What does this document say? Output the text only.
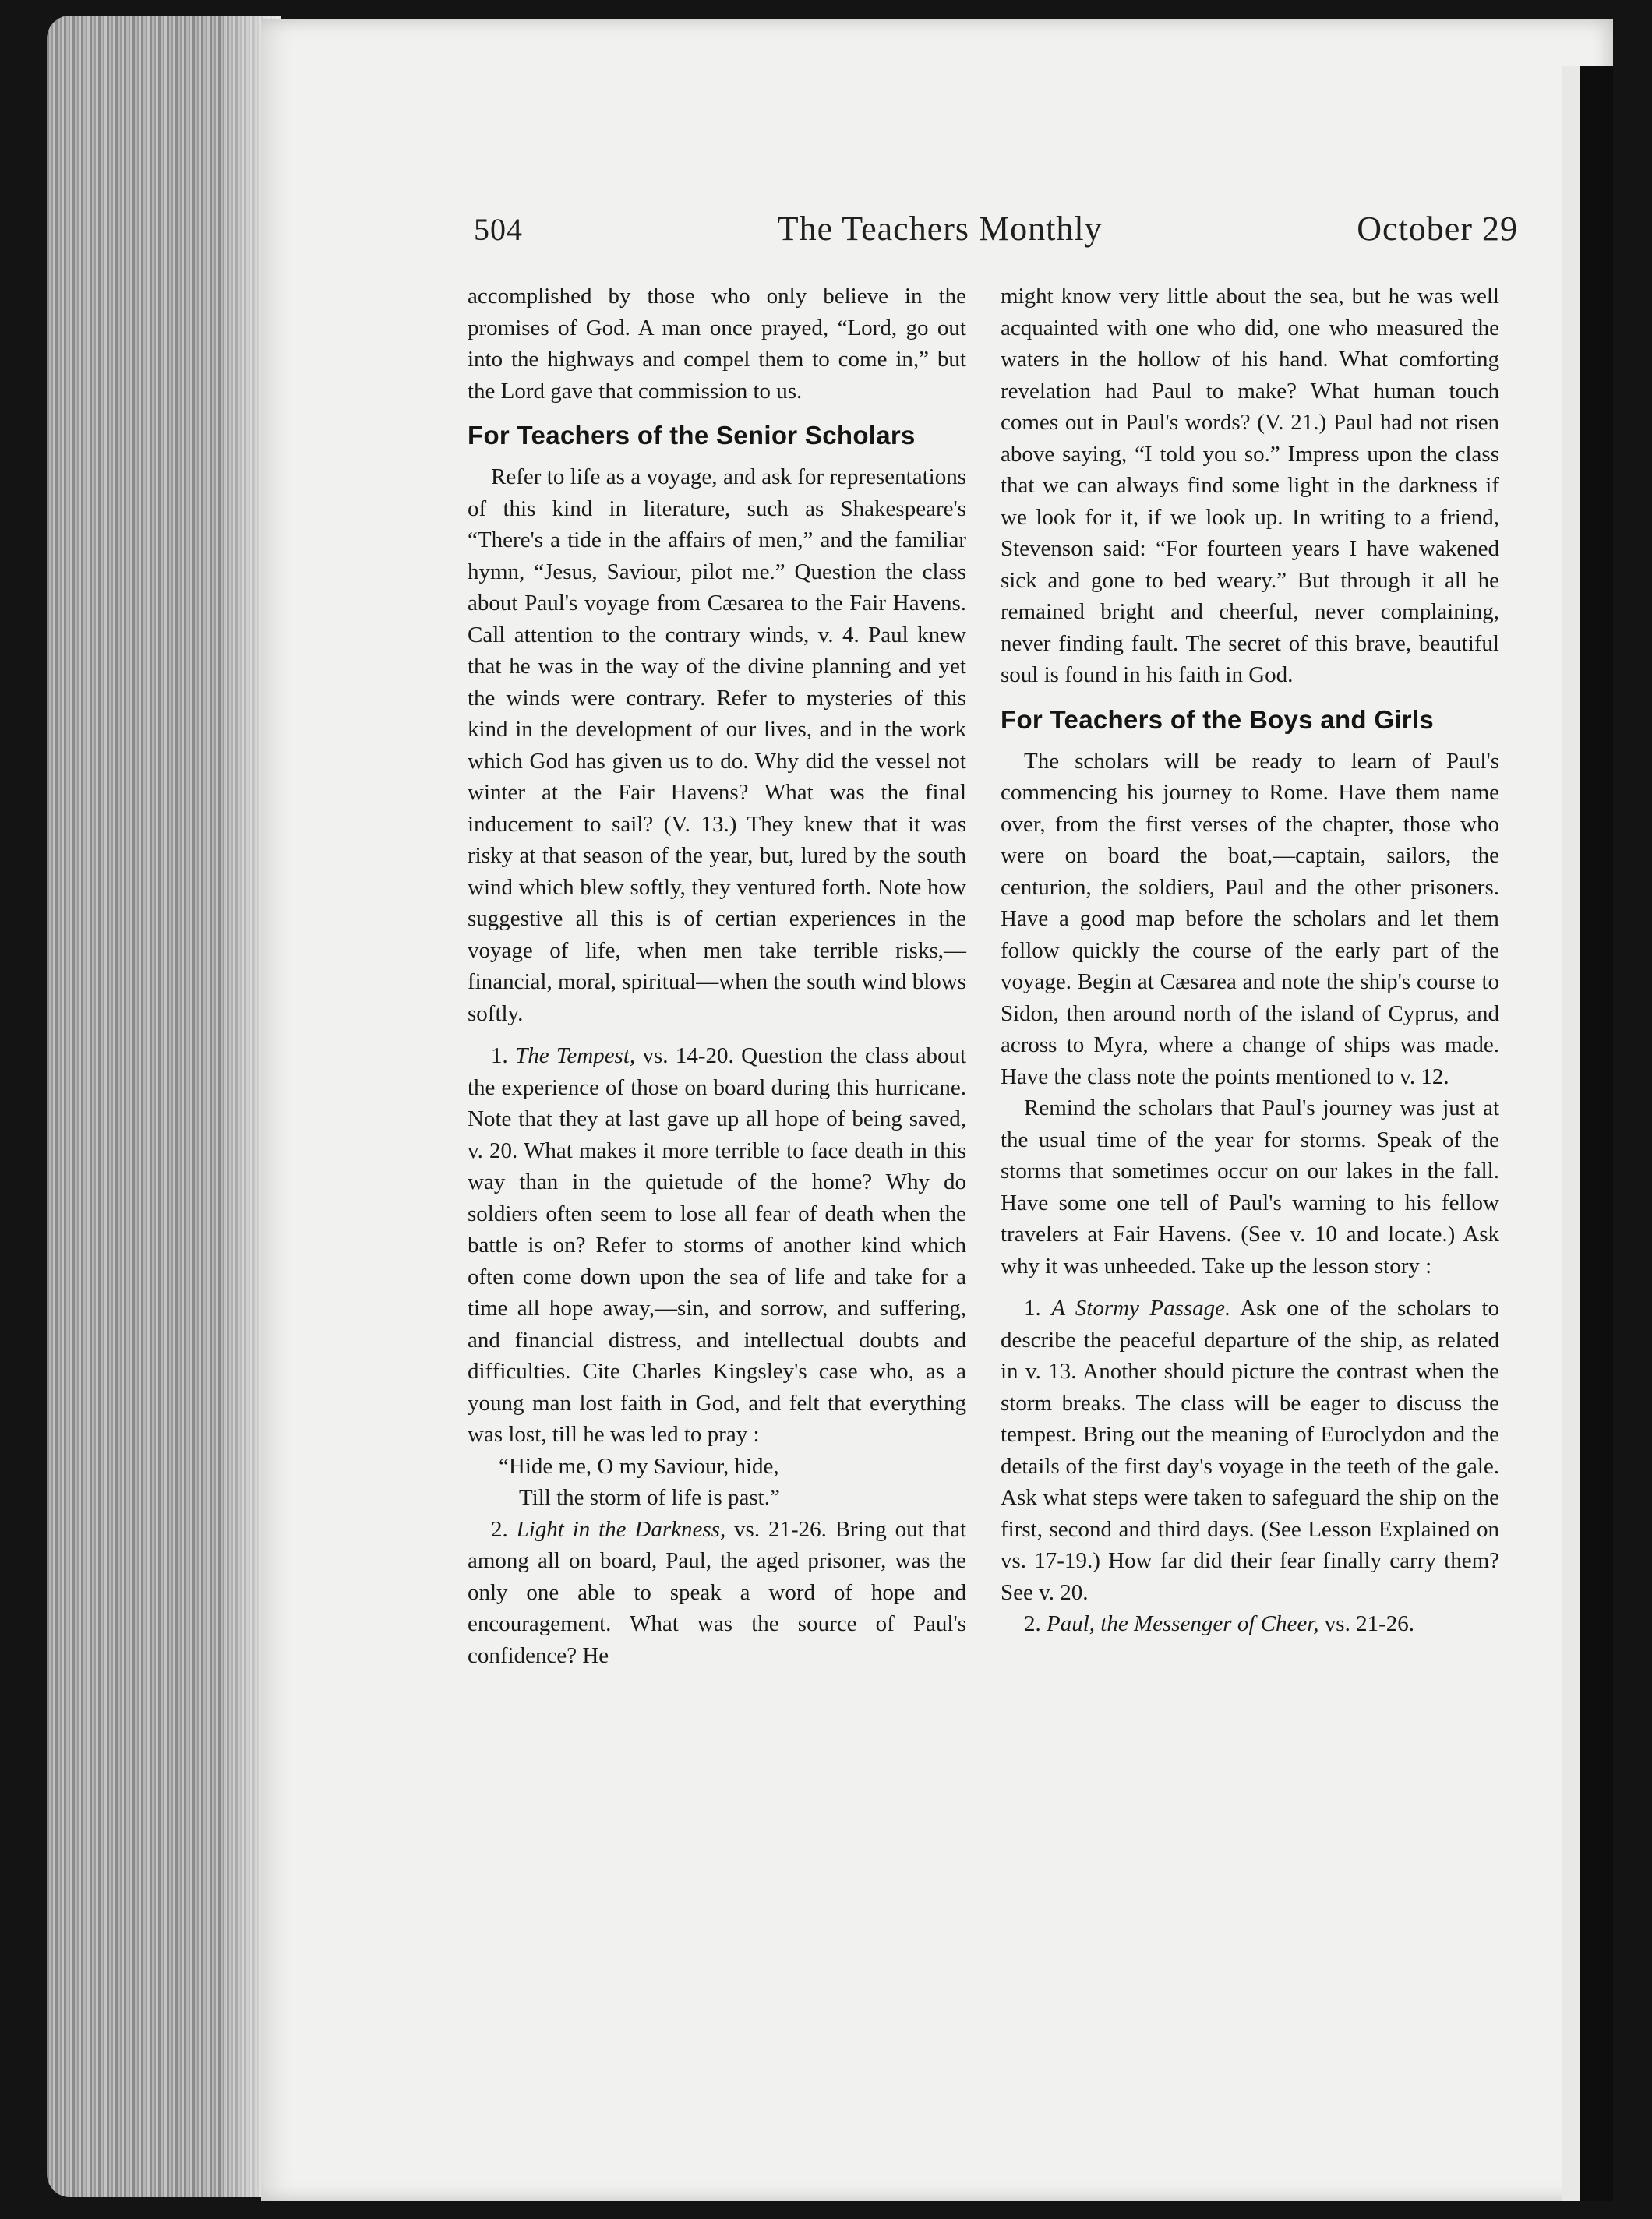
504	The Teachers Monthly	October 29

accomplished by those who only believe in the promises of God. A man once prayed, “Lord, go out into the highways and compel them to come in,” but the Lord gave that commission to us.

For Teachers of the Senior Scholars

Refer to life as a voyage, and ask for representations of this kind in literature, such as Shakespeare's “There's a tide in the affairs of men,” and the familiar hymn, “Jesus, Saviour, pilot me.” Question the class about Paul's voyage from Cæsarea to the Fair Havens. Call attention to the contrary winds, v. 4. Paul knew that he was in the way of the divine planning and yet the winds were contrary. Refer to mysteries of this kind in the development of our lives, and in the work which God has given us to do. Why did the vessel not winter at the Fair Havens? What was the final inducement to sail? (V. 13.) They knew that it was risky at that season of the year, but, lured by the south wind which blew softly, they ventured forth. Note how suggestive all this is of certian experiences in the voyage of life, when men take terrible risks,—financial, moral, spiritual—when the south wind blows softly.

1. The Tempest, vs. 14-20. Question the class about the experience of those on board during this hurricane. Note that they at last gave up all hope of being saved, v. 20. What makes it more terrible to face death in this way than in the quietude of the home? Why do soldiers often seem to lose all fear of death when the battle is on? Refer to storms of another kind which often come down upon the sea of life and take for a time all hope away,—sin, and sorrow, and suffering, and financial distress, and intellectual doubts and difficulties. Cite Charles Kingsley's case who, as a young man lost faith in God, and felt that everything was lost, till he was led to pray :

“Hide me, O my Saviour, hide,

Till the storm of life is past.”

2. Light in the Darkness, vs. 21-26. Bring out that among all on board, Paul, the aged prisoner, was the only one able to speak a word of hope and encouragement. What was the source of Paul's confidence? He

might know very little about the sea, but he was well acquainted with one who did, one who measured the waters in the hollow of his hand. What comforting revelation had Paul to make? What human touch comes out in Paul's words? (V. 21.) Paul had not risen above saying, “I told you so.” Impress upon the class that we can always find some light in the darkness if we look for it, if we look up. In writing to a friend, Stevenson said: “For fourteen years I have wakened sick and gone to bed weary.” But through it all he remained bright and cheerful, never complaining, never finding fault. The secret of this brave, beautiful soul is found in his faith in God.

For Teachers of the Boys and Girls

The scholars will be ready to learn of Paul's commencing his journey to Rome. Have them name over, from the first verses of the chapter, those who were on board the boat,—captain, sailors, the centurion, the soldiers, Paul and the other prisoners. Have a good map before the scholars and let them follow quickly the course of the early part of the voyage. Begin at Cæsarea and note the ship's course to Sidon, then around north of the island of Cyprus, and across to Myra, where a change of ships was made. Have the class note the points mentioned to v. 12.

Remind the scholars that Paul's journey was just at the usual time of the year for storms. Speak of the storms that sometimes occur on our lakes in the fall. Have some one tell of Paul's warning to his fellow travelers at Fair Havens. (See v. 10 and locate.) Ask why it was unheeded. Take up the lesson story :

1. A Stormy Passage. Ask one of the scholars to describe the peaceful departure of the ship, as related in v. 13. Another should picture the contrast when the storm breaks. The class will be eager to discuss the tempest. Bring out the meaning of Euroclydon and the details of the first day's voyage in the teeth of the gale. Ask what steps were taken to safeguard the ship on the first, second and third days. (See Lesson Explained on vs. 17-19.) How far did their fear finally carry them? See v. 20.

2. Paul, the Messenger of Cheer, vs. 21-26.
